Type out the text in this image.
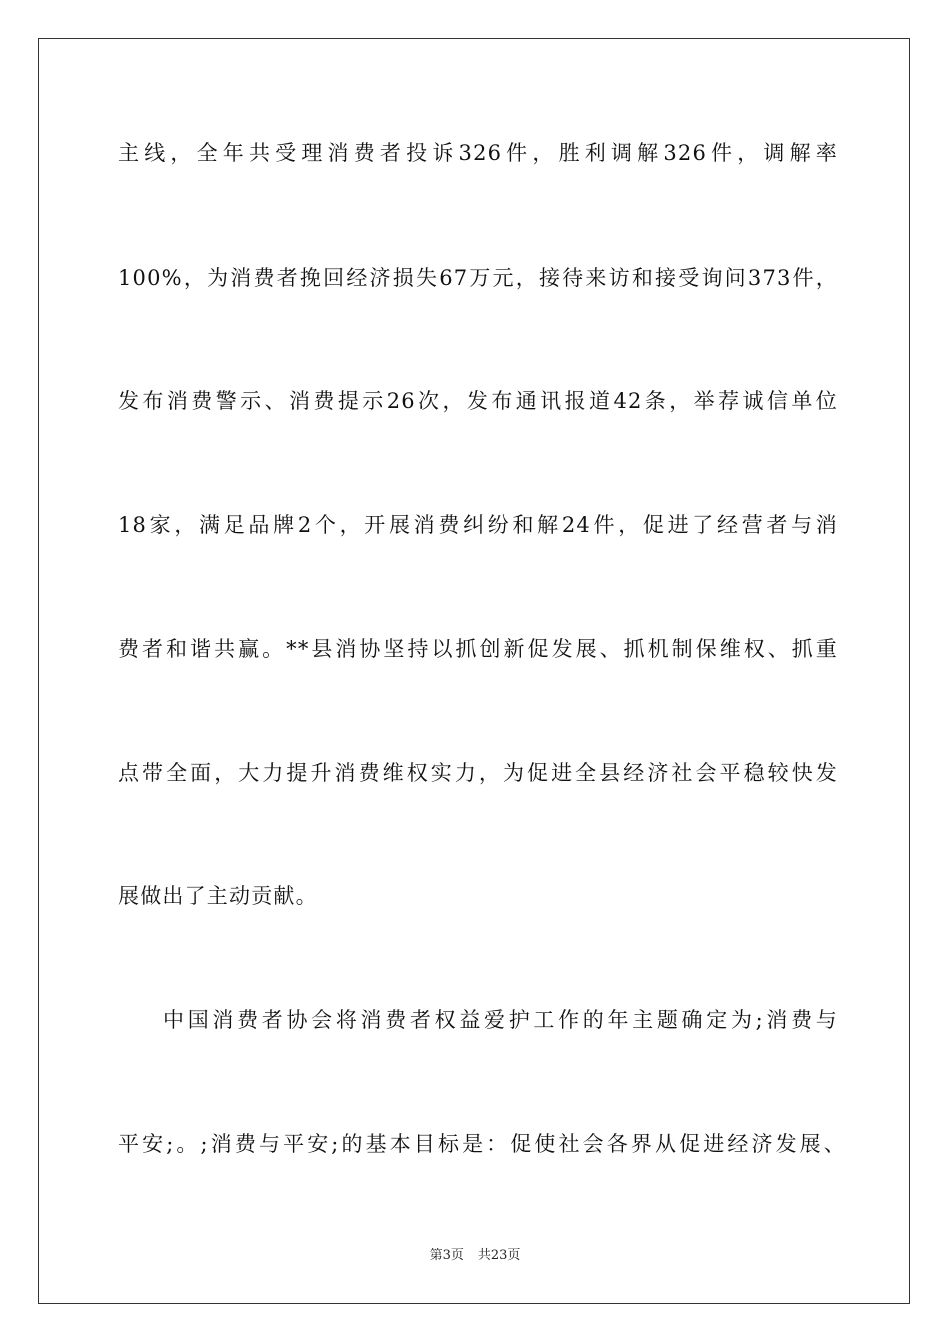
主线，全年共受理消费者投诉326件，胜利调解326件，调解率
100%，为消费者挽回经济损失67万元，接待来访和接受询问373件，
发布消费警示、消费提示26次，发布通讯报道42条，举荐诚信单位
18家，满足品牌2个，开展消费纠纷和解24件，促进了经营者与消
费者和谐共赢。**县消协坚持以抓创新促发展、抓机制保维权、抓重
点带全面，大力提升消费维权实力，为促进全县经济社会平稳较快发
展做出了主动贡献。
中国消费者协会将消费者权益爱护工作的年主题确定为;消费与
平安;。;消费与平安;的基本目标是：促使社会各界从促进经济发展、
第3页 共23页
